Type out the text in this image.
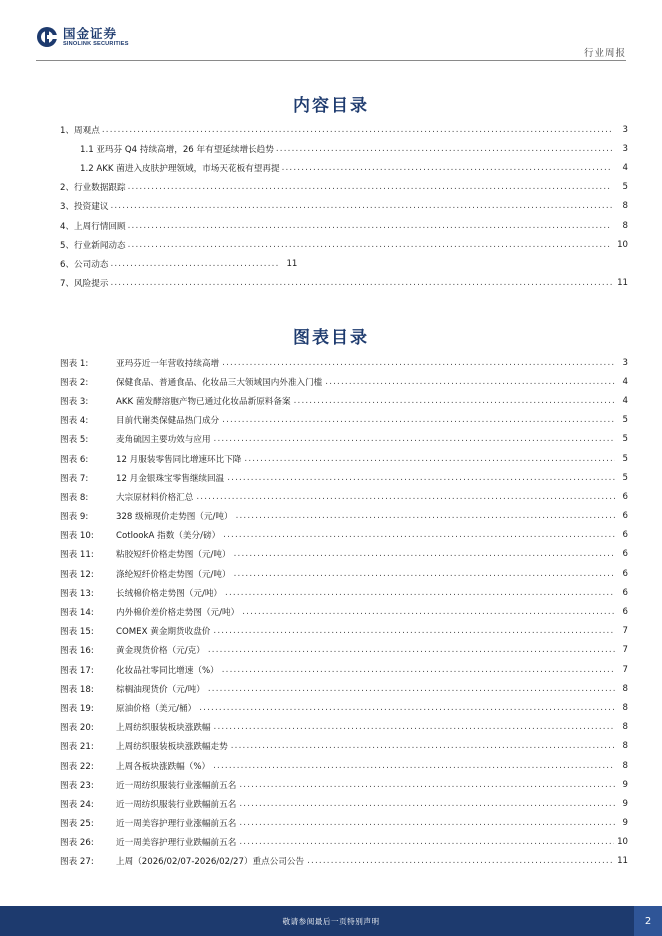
国金证券
SINOLINK SECURITIES
行业周报
内容目录
1、周观点 .....	3
1.1 亚玛芬 Q4 持续高增，26 年有望延续增长趋势 .....	3
1.2 AKK 菌进入皮肤护理领域，市场天花板有望再提 .....	4
2、行业数据跟踪 .....	5
3、投资建议 .....	8
4、上周行情回顾 .....	8
5、行业新闻动态 .....	10
6、公司动态 .....	11
7、风险提示 .....	11
图表目录
图表 1:	亚玛芬近一年营收持续高增 .....	3
图表 2:	保健食品、普通食品、化妆品三大领域国内外准入门槛 .....	4
图表 3:	AKK 菌发酵溶胞产物已通过化妆品新原料备案 .....	4
图表 4:	目前代谢类保健品热门成分 .....	5
图表 5:	麦角硫因主要功效与应用 .....	5
图表 6:	12 月服装零售同比增速环比下降 .....	5
图表 7:	12 月金银珠宝零售继续回温 .....	5
图表 8:	大宗原材料价格汇总 .....	6
图表 9:	328 级棉现价走势图（元/吨） .....	6
图表 10:	CotlookA 指数（美分/磅） .....	6
图表 11:	粘胶短纤价格走势图（元/吨） .....	6
图表 12:	涤纶短纤价格走势图（元/吨） .....	6
图表 13:	长绒棉价格走势图（元/吨） .....	6
图表 14:	内外棉价差价格走势图（元/吨） .....	6
图表 15:	COMEX 黄金期货收盘价 .....	7
图表 16:	黄金现货价格（元/克） .....	7
图表 17:	化妆品社零同比增速（%） .....	7
图表 18:	棕榈油现货价（元/吨） .....	8
图表 19:	原油价格（美元/桶） .....	8
图表 20:	上周纺织服装板块涨跌幅 .....	8
图表 21:	上周纺织服装板块涨跌幅走势 .....	8
图表 22:	上周各板块涨跌幅（%） .....	8
图表 23:	近一周纺织服装行业涨幅前五名 .....	9
图表 24:	近一周纺织服装行业跌幅前五名 .....	9
图表 25:	近一周美容护理行业涨幅前五名 .....	9
图表 26:	近一周美容护理行业跌幅前五名 .....	10
图表 27:	上周（2026/02/07-2026/02/27）重点公司公告 .....	11
敬请参阅最后一页特别声明	2
